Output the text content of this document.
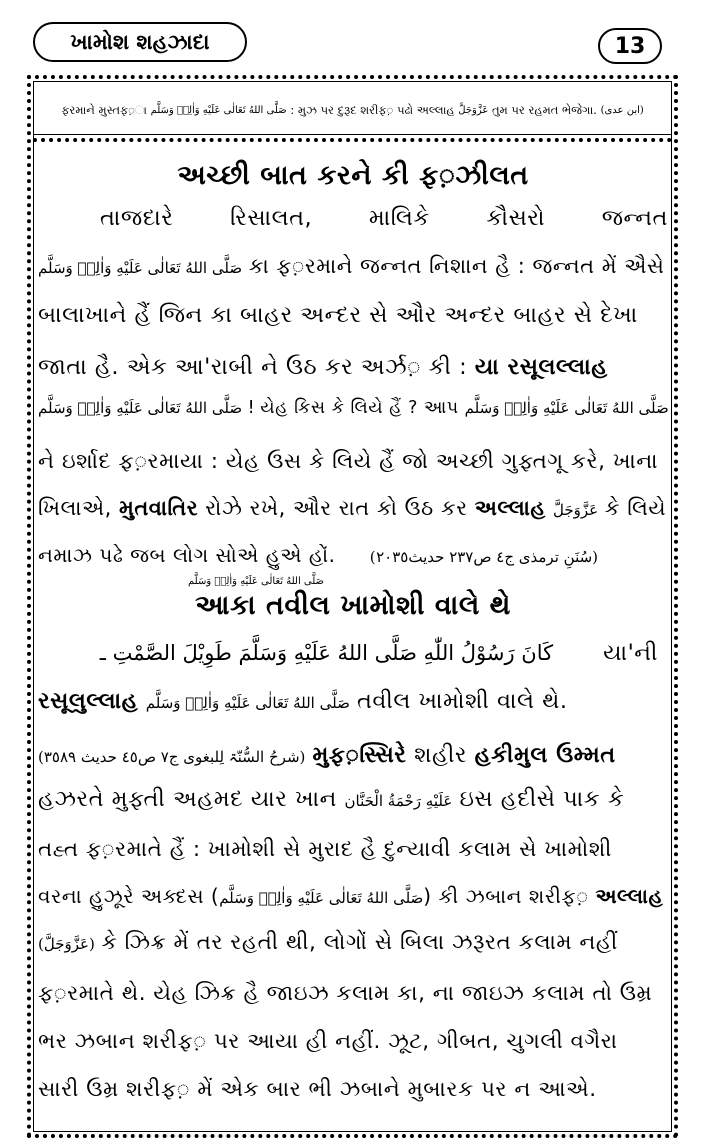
ખામોશ શહઝાદા	13
ફરમાને મુસ્તફ़ા
صَلَّى اللهُ تَعَالٰى عَلَيْهِ وَاٰلِهٖ وَسَلَّم
: મુઝ પર દુરૂદ શરીફ़ પઢો અલ્લાહ
عَزَّوَجَلَّ
તુમ પર રહમત ભેજેગા.
(ابن عدی)
અચ્છી બાત કરને કી ફ़ઝીલત
તાજદારે	રિસાલત,	માલિકે	કૌસરો	જન્નત
صَلَّى اللهُ تَعَالٰى عَلَيْهِ وَاٰلِهٖ وَسَلَّم કા ફ़રમાને જન્નત નિશાન હૈ : જન્નત મેં ઐસે
બાલાખાને હૈં જિન કા બાહર અન્દર સે ઔર અન્દર બાહર સે દેખા
જાતા હૈ. એક આ'રાબી ને ઉઠ કર અર્ઝ़ કી : યા રસૂલલ્લાહ
صَلَّى اللهُ تَعَالٰى عَلَيْهِ وَاٰلِهٖ وَسَلَّم ! યેહ કિસ કે લિયે હૈં ? આપ صَلَّى اللهُ تَعَالٰى عَلَيْهِ وَاٰلِهٖ وَسَلَّم
ને ઇર્શાદ ફ़રમાયા : યેહ ઉસ કે લિયે હૈં જો અચ્છી ગુફ્તગૂ કરે, ખાના
ખિલાએ, મુતવાતિર રોઝે રખે, ઔર રાત કો ઉઠ કર અલ્લાહ عَزَّوَجَلَّ કે લિયે
નમાઝ પઢે જબ લોગ સોએ હુએ હોં. (سُنَنِ ترمذی ج٤ ص٢٣٧ حدیث٢٠٣٥)
صَلَّى اللهُ تَعَالٰى عَلَيْهِ وَاٰلِهٖ وَسَلَّم
આકા તવીલ ખામોશી વાલે થે
كَانَ رَسُوْلُ اللّٰهِ صَلَّى اللهُ عَلَيْهِ وَسَلَّمَ طَوِيْلَ الصَّمْتِ ـ યા'ની
રસૂલુલ્લાહ صَلَّى اللهُ تَعَالٰى عَلَيْهِ وَاٰلِهٖ وَسَلَّم તવીલ ખામોશી વાલે થે.
(شرحُ السُّنّۃ لِلبغوی ج٧ ص٤٥ حدیث ٣٥٨٩) મુફ़સ્સિરે શહીર હકીમુલ ઉમ્મત
હઝરતે મુફ્તી અહમદ યાર ખાન عَلَيْهِ رَحْمَةُ الْحَنَّان ઇસ હદીસે પાક કે
તહ્ત ફ़રમાતે હૈં : ખામોશી સે મુરાદ હૈ દુન્યાવી કલામ સે ખામોશી
વરના હુઝૂરે અક્દસ (صَلَّى اللهُ تَعَالٰى عَلَيْهِ وَاٰلِهٖ وَسَلَّم) કી ઝબાન શરીફ़ અલ્લાહ
(عَزَّوَجَلَّ) કે ઝિક્ર મેં તર રહતી થી, લોગોં સે બિલા ઝરૂરત કલામ નહીં
ફ़રમાતે થે. યેહ ઝિક્ર હૈ જાઇઝ કલામ કા, ના જાઇઝ કલામ તો ઉમ્ર
ભર ઝબાન શરીફ़ પર આયા હી નહીં. ઝૂટ, ગીબત, ચુગલી વગૈરા
સારી ઉમ્ર શરીફ़ મેં એક બાર ભી ઝબાને મુબારક પર ન આએ.
